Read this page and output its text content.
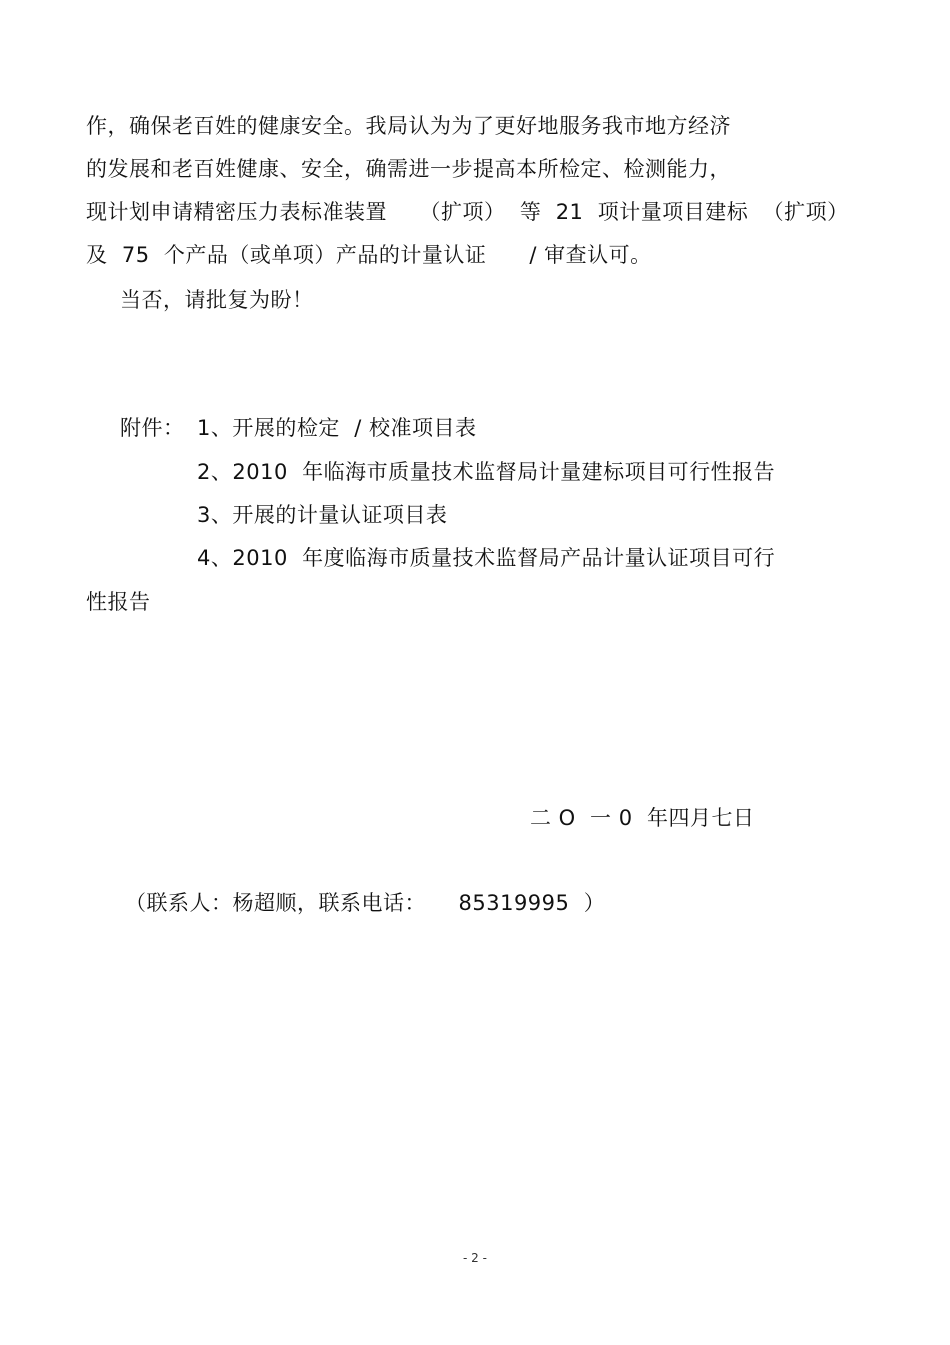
作，确保老百姓的健康安全。我局认为为了更好地服务我市地方经济
的发展和老百姓健康、安全，确需进一步提高本所检定、检测能力，
现计划申请精密压力表标准装置　　（扩项）  等  21  项计量项目建标  （扩项）
及  75  个产品（或单项）产品的计量认证　　/ 审查认可。
当否，请批复为盼！
附件： 1、开展的检定  / 校准项目表
2、2010  年临海市质量技术监督局计量建标项目可行性报告
3、开展的计量认证项目表
4、2010  年度临海市质量技术监督局产品计量认证项目可行
性报告
二 O  一 0  年四月七日
（联系人：杨超顺，联系电话：　　85319995  ）
- 2 -
